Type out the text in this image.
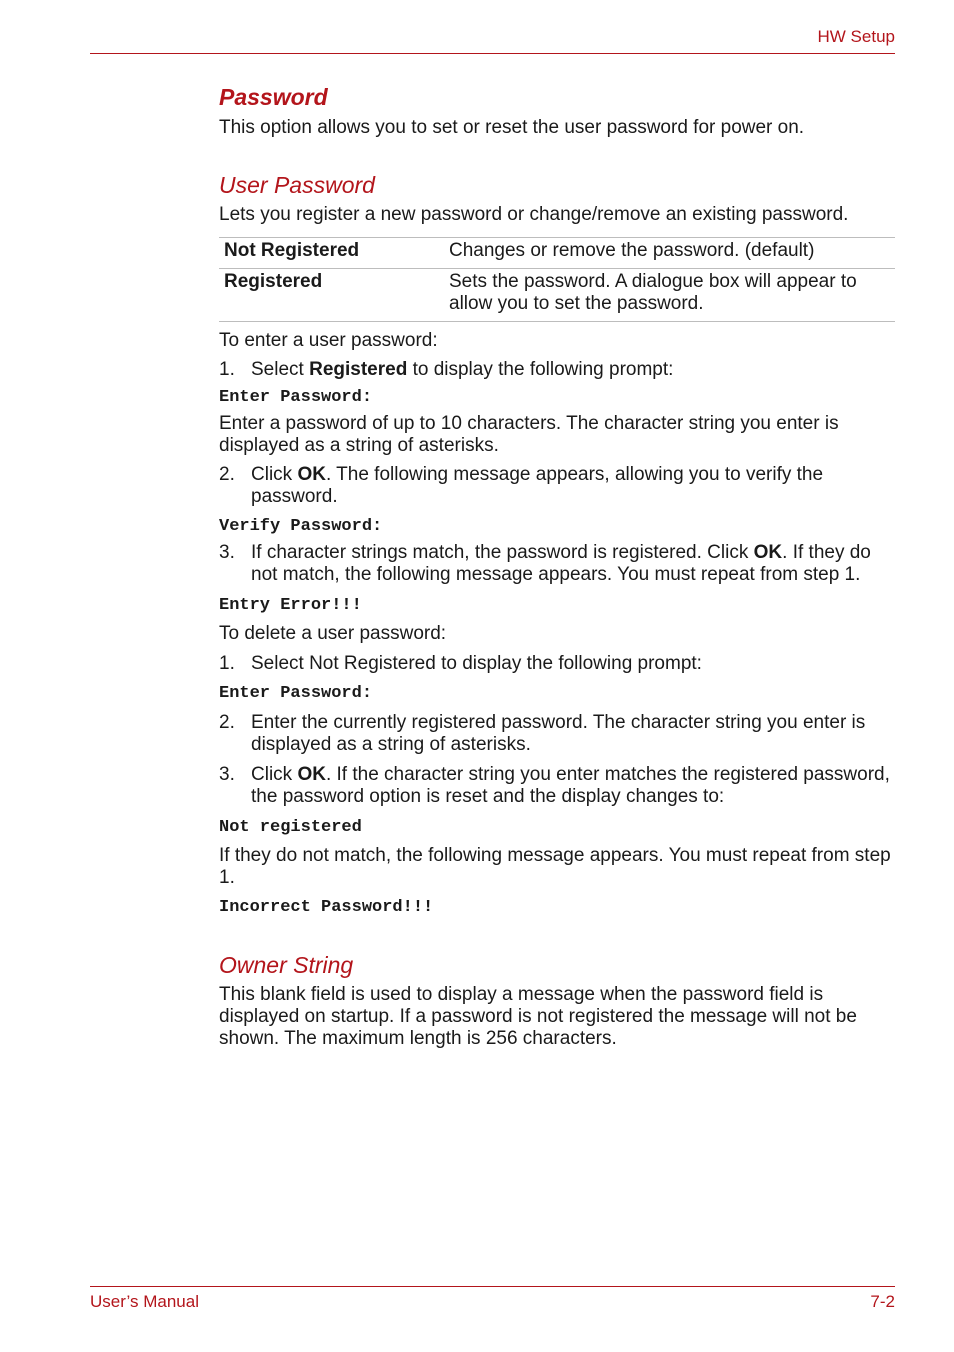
HW Setup
Password

This option allows you to set or reset the user password for power on.

User Password

Lets you register a new password or change/remove an existing password.

Not Registered	Changes or remove the password. (default)
Registered	Sets the password. A dialogue box will appear to allow you to set the password.

To enter a user password:

1. Select Registered to display the following prompt:

Enter Password:

Enter a password of up to 10 characters. The character string you enter is displayed as a string of asterisks.

2. Click OK. The following message appears, allowing you to verify the password.

Verify Password:

3. If character strings match, the password is registered. Click OK. If they do not match, the following message appears. You must repeat from step 1.

Entry Error!!!

To delete a user password:

1. Select Not Registered to display the following prompt:

Enter Password:

2. Enter the currently registered password. The character string you enter is displayed as a string of asterisks.
3. Click OK. If the character string you enter matches the registered password, the password option is reset and the display changes to:

Not registered

If they do not match, the following message appears. You must repeat from step 1.

Incorrect Password!!!

Owner String

This blank field is used to display a message when the password field is displayed on startup. If a password is not registered the message will not be shown. The maximum length is 256 characters.

User’s Manual	7-2
